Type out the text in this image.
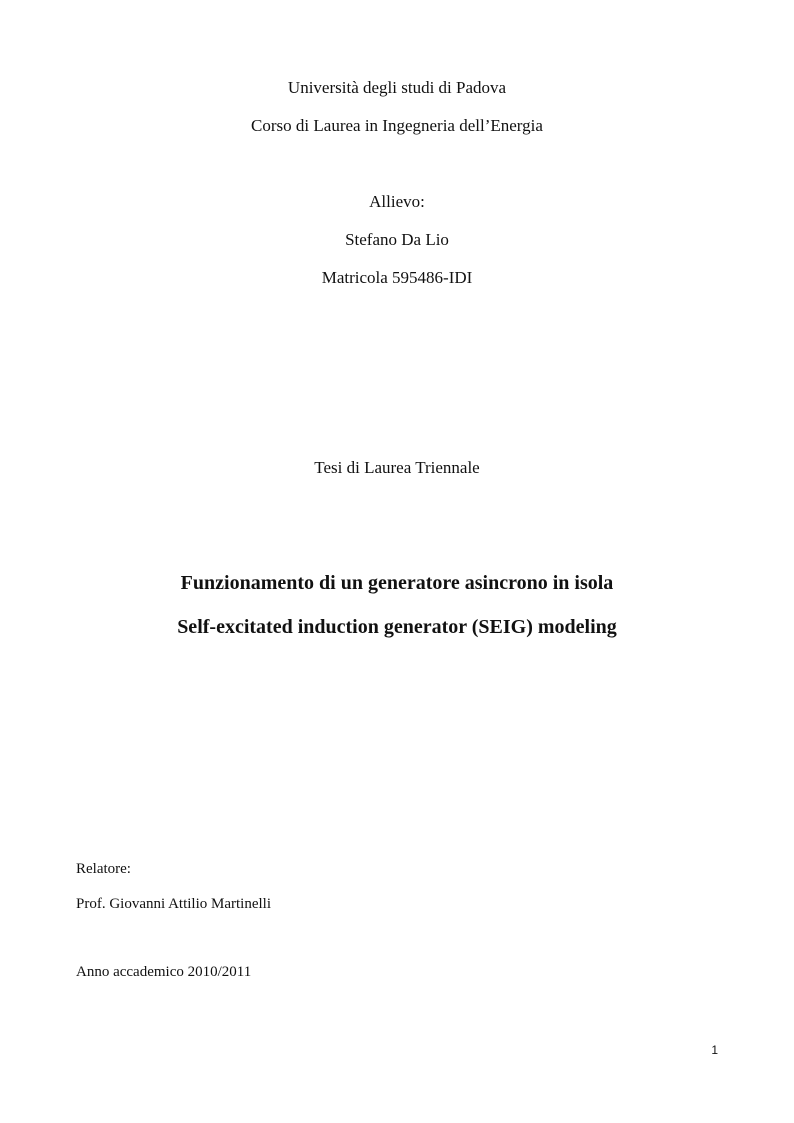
Università degli studi di Padova
Corso di Laurea in Ingegneria dell’Energia
Allievo:
Stefano Da Lio
Matricola 595486-IDI
Tesi di Laurea Triennale
Funzionamento di un generatore asincrono in isola
Self-excitated induction generator (SEIG) modeling
Relatore:
Prof. Giovanni Attilio Martinelli
Anno accademico 2010/2011
1
